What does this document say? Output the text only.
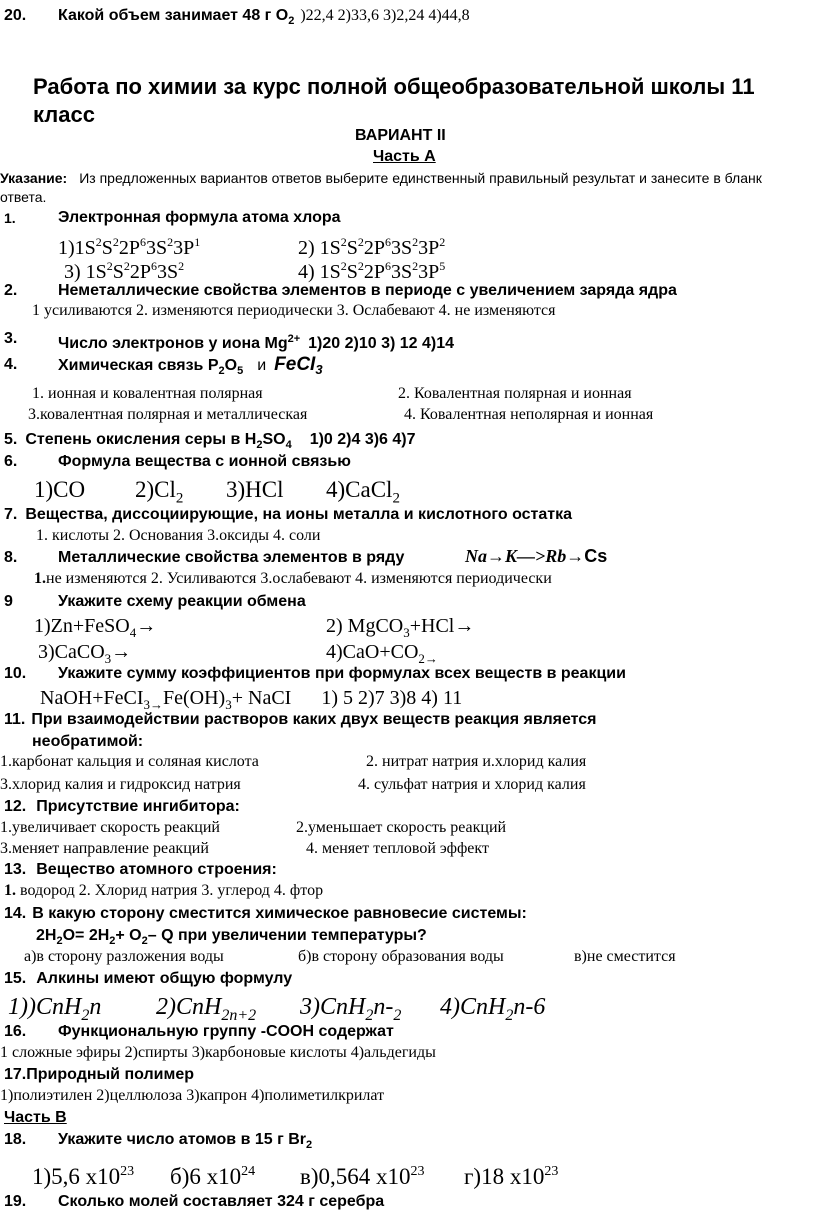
20. Какой объем занимает 48 г $O_2$ )22,4 2)33,6 3)2,24 4)44,8
Работа по химии за курс полной общеобразовательной школы 11
класс
ВАРИАНТ II
Часть А
Указание: Из предложенных вариантов ответов выберите единственный правильный результат и занесите в бланк
ответа.
1.	Электронная формула атома хлора
$1)1S^2S^22P^63S^23P^1$	2) $1S^2S^22P^63S^23P^2$
3) $1S^2S^22P^63S^2$	4) $1S^2S^22P^63S^23P^5$
2.	Неметаллические свойства элементов в периоде с увеличением заряда ядра
1 усиливаются 2. изменяются периодически 3. Ослабевают 4. не изменяются
3.	Число электронов у иона $Mg^{2+}$ 1)20 2)10 3) 12 4)14
4.	Химическая связь $P_2O_5$ и FeCI$_3$
1. ионная и ковалентная полярная	2. Ковалентная полярная и ионная
3.ковалентная полярная и металлическая	4. Ковалентная неполярная и ионная
5. Степень окисления серы в $H_2SO_4$ 1)0 2)4 3)6 4)7
6.	Формула вещества с ионной связью
1)CO $2)Cl_2$ 3)HCl 4)CaCl$_2$
7. Вещества, диссоциирующие, на ионы металла и кислотного остатка
1. кислоты 2. Основания 3.оксиды 4. соли
8.	Металлические свойства элементов в ряду	Na→K—>Rb→Cs
1.не изменяются 2. Усиливаются 3.ослабевают 4. изменяются периодически
9	Укажите схему реакции обмена
1)Zn+FeSO$_4$→	2) MgCO$_3$+HCl→
3)CaCO$_3$→	$4)CaO+CO_{2\to}$
10. Укажите сумму коэффициентов при формулах всех веществ в реакции
$NaOH+FeCI_{3\to}Fe(OH)_3+$ NaCI 1) 5 2)7 3)8 4) 11
11. При взаимодействии растворов каких двух веществ реакция является
необратимой:
1.карбонат кальция и соляная кислота	2. нитрат натрия и.хлорид калия
3.хлорид калия и гидроксид натрия	4. сульфат натрия и хлорид калия
12. Присутствие ингибитора:
1.увеличивает скорость реакций	2.уменьшает скорость реакций
3.меняет направление реакций	4. меняет тепловой эффект
13. Вещество атомного строения:
1. водород 2. Хлорид натрия 3. углерод 4. фтор
14. В какую сторону сместится химическое равновесие системы:
$2H_2O= 2H_2+ O_2-$ Q при увеличении температуры?
а)в сторону разложения воды	б)в сторону образования воды	в)не сместится
15. Алкины имеют общую формулу
1))CnH$_2$n 2)CnH$_{2n+2}$ $3)CnH_2n-_2$ 4)CnH$_2$n-6
16. Функциональную группу -COOH содержат
1 сложные эфиры 2)спирты 3)карбоновые кислоты 4)альдегиды
17.Природный полимер
1)полиэтилен 2)целлюлоза 3)капрон 4)полиметилкрилат
Часть В
18. Укажите число атомов в 15 г $Br_2$
1)5,6 $х10^{23}$ б)6 $х10^{24}$ в)0,564 $х10^{23}$ г)18 $х10^{23}$
19. Сколько молей составляет 324 г серебра
